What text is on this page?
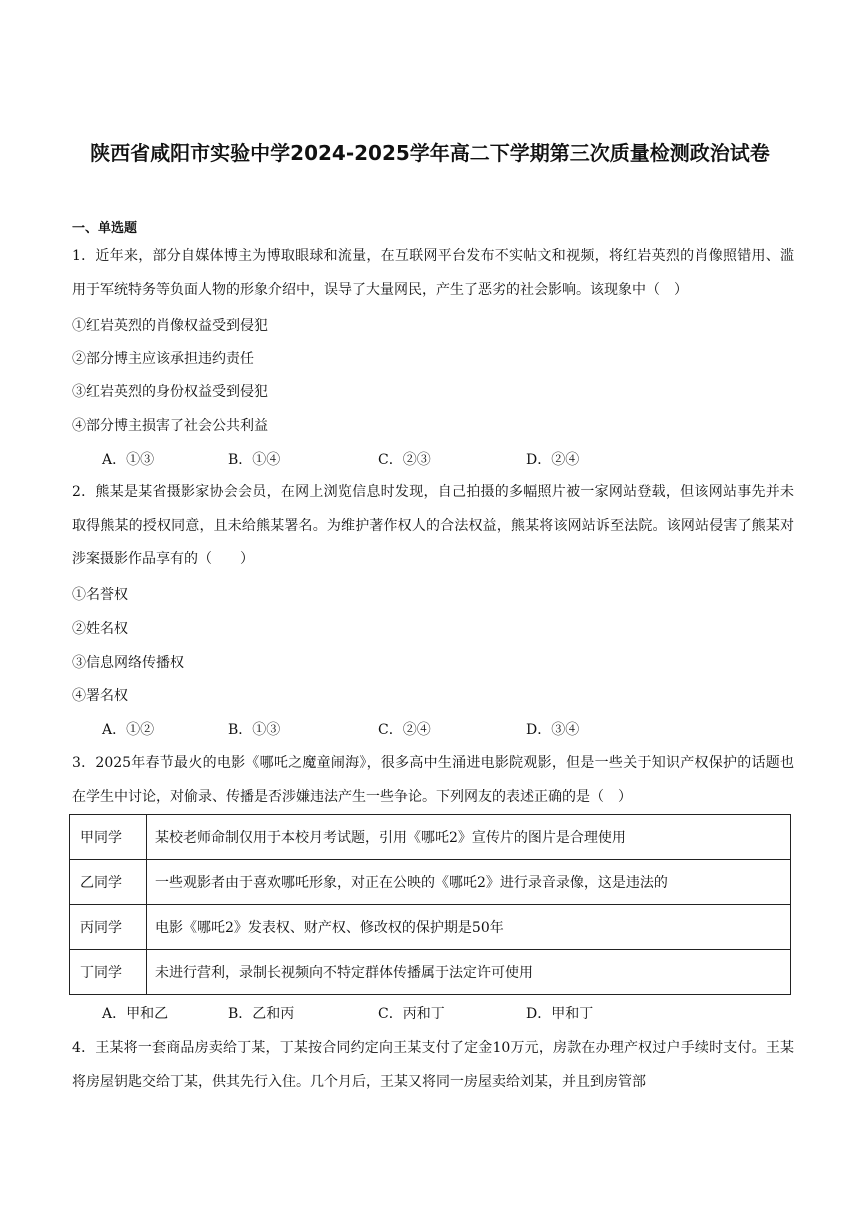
陕西省咸阳市实验中学2024-2025学年高二下学期第三次质量检测政治试卷
一、单选题
1．近年来，部分自媒体博主为博取眼球和流量，在互联网平台发布不实帖文和视频，将红岩英烈的肖像照错用、滥用于军统特务等负面人物的形象介绍中，误导了大量网民，产生了恶劣的社会影响。该现象中（　）
①红岩英烈的肖像权益受到侵犯
②部分博主应该承担违约责任
③红岩英烈的身份权益受到侵犯
④部分博主损害了社会公共利益
A．①③	B．①④	C．②③	D．②④
2．熊某是某省摄影家协会会员，在网上浏览信息时发现，自己拍摄的多幅照片被一家网站登载，但该网站事先并未取得熊某的授权同意，且未给熊某署名。为维护著作权人的合法权益，熊某将该网站诉至法院。该网站侵害了熊某对涉案摄影作品享有的（　　）
①名誉权
②姓名权
③信息网络传播权
④署名权
A．①②	B．①③	C．②④	D．③④
3．2025年春节最火的电影《哪吒之魔童闹海》，很多高中生涌进电影院观影，但是一些关于知识产权保护的话题也在学生中讨论，对偷录、传播是否涉嫌违法产生一些争论。下列网友的表述正确的是（　）
甲同学	某校老师命制仅用于本校月考试题，引用《哪吒2》宣传片的图片是合理使用
乙同学	一些观影者由于喜欢哪吒形象，对正在公映的《哪吒2》进行录音录像，这是违法的
丙同学	电影《哪吒2》发表权、财产权、修改权的保护期是50年
丁同学	未进行营利，录制长视频向不特定群体传播属于法定许可使用
A．甲和乙	B．乙和丙	C．丙和丁	D．甲和丁
4．王某将一套商品房卖给丁某，丁某按合同约定向王某支付了定金10万元，房款在办理产权过户手续时支付。王某将房屋钥匙交给丁某，供其先行入住。几个月后，王某又将同一房屋卖给刘某，并且到房管部
